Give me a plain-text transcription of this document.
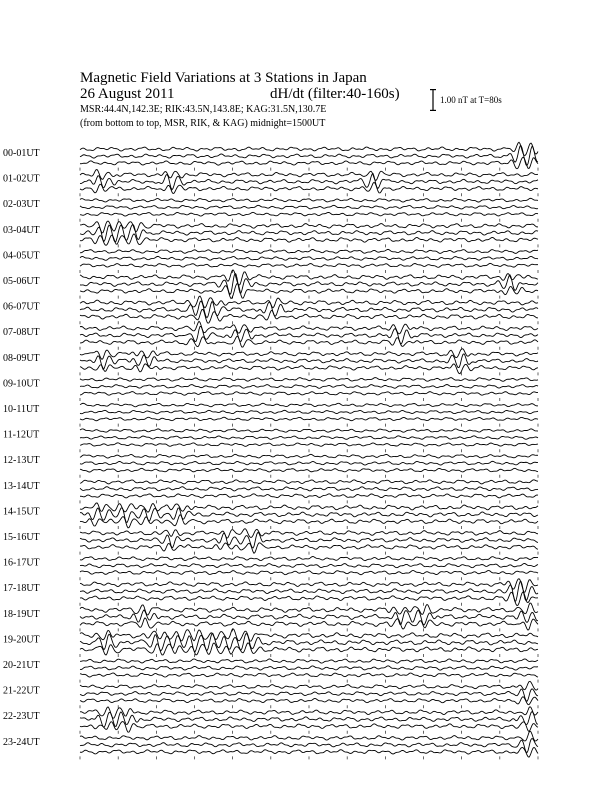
Magnetic Field Variations at 3 Stations in Japan
26 August 2011	dH/dt (filter:40-160s)
MSR:44.4N,142.3E; RIK:43.5N,143.8E; KAG:31.5N,130.7E
(from bottom to top, MSR, RIK, & KAG) midnight=1500UT
1.00 nT at T=80s
00-01UT
01-02UT
02-03UT
03-04UT
04-05UT
05-06UT
06-07UT
07-08UT
08-09UT
09-10UT
10-11UT
11-12UT
12-13UT
13-14UT
14-15UT
15-16UT
16-17UT
17-18UT
18-19UT
19-20UT
20-21UT
21-22UT
22-23UT
23-24UT
